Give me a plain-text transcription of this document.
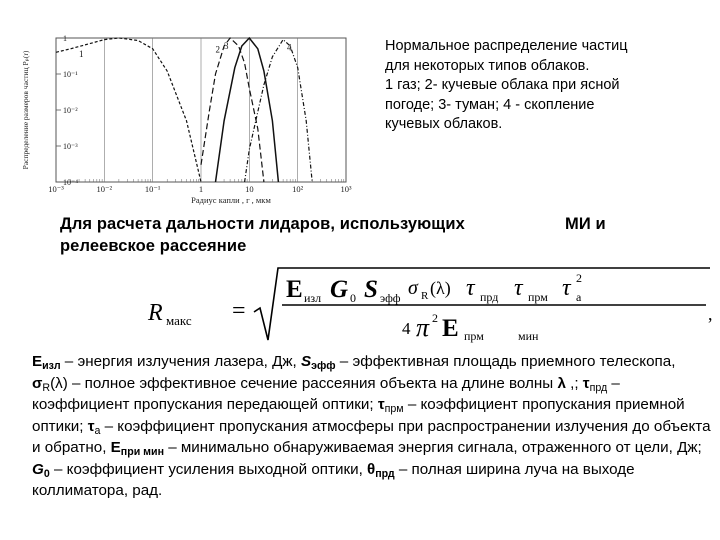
10⁻³	10⁻²	10⁻¹	1	10	10²	10³
1
10⁻¹
10⁻²
10⁻³
10⁻⁴
Радиус капли , г , мкм
Распределение размеров частиц Pₚ(r)	1	2 3	4	Нормальное распределение частиц
для некоторых типов облаков.
1 газ; 2- кучевые облака при ясной
погоде; 3- туман; 4 - скопление
кучевых облаков.
Для расчета дальности лидаров, использующих	МИ и
релеевское рассеяние
R макс =
E изл G 0 S эфф σ R (λ) τ прд τ прм τ 2
а
4 π 2 E прм	мин
,
$E_{изл}$ – энергия излучения лазера, Дж, $S_{эфф}$ – эффективная площадь приемного телескопа, $\sigma_R(\lambda)$ – полное эффективное сечение рассеяния объекта на длине волны λ ,; $\tau_{прд}$ – коэффициент пропускания передающей оптики; $\tau_{прм}$ – коэффициент пропускания приемной оптики; $\tau_а$ – коэффициент пропускания атмосферы при распространении излучения до объекта и обратно, $E_{при мин}$ – минимально обнаруживаемая энергия сигнала, отраженного от цели, Дж; $G_0$ – коэффициент усиления выходной оптики, $\theta_{прд}$ – полная ширина луча на выходе коллиматора, рад.
